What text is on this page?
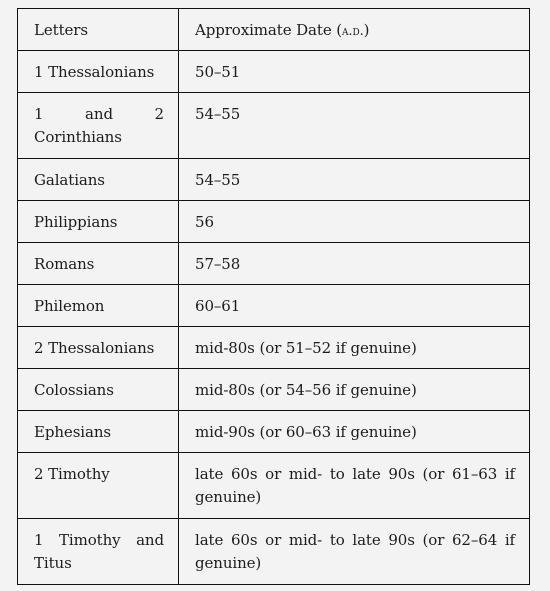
Letters	Approximate Date (a.d.)
1 Thessalonians	50–51
1 and 2 Corinthians	54–55
Galatians	54–55
Philippians	56
Romans	57–58
Philemon	60–61
2 Thessalonians	mid-80s (or 51–52 if genuine)
Colossians	mid-80s (or 54–56 if genuine)
Ephesians	mid-90s (or 60–63 if genuine)
2 Timothy	late 60s or mid- to late 90s (or 61–63 if genuine)
1 Timothy and Titus	late 60s or mid- to late 90s (or 62–64 if genuine)
